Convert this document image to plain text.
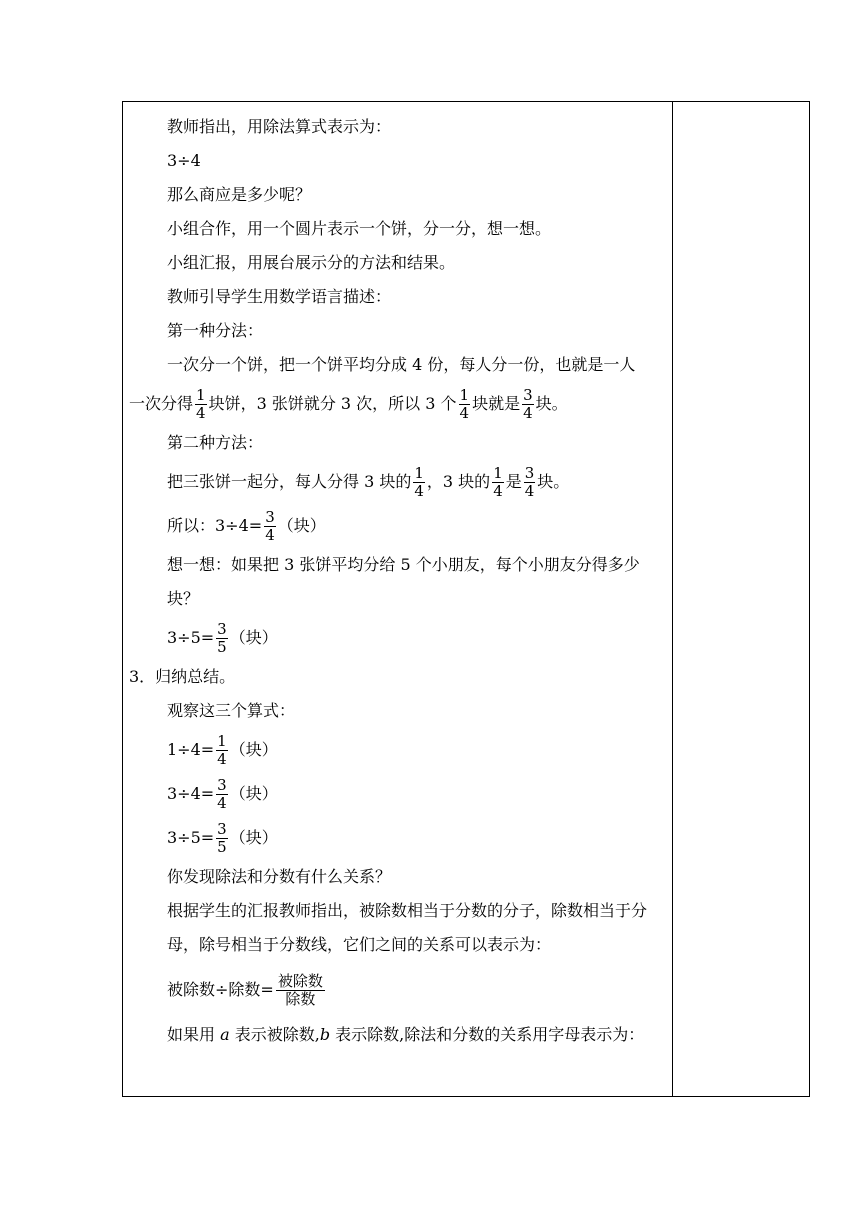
教师指出，用除法算式表示为：
3÷4
那么商应是多少呢？
小组合作，用一个圆片表示一个饼，分一分，想一想。
小组汇报，用展台展示分的方法和结果。
教师引导学生用数学语言描述：
第一种分法：
一次分一个饼，把一个饼平均分成 4 份，每人分一份，也就是一人
一次分得 $\frac{1}{4}$ 块饼，3 张饼就分 3 次，所以 3 个 $\frac{1}{4}$ 块就是 $\frac{3}{4}$ 块。
第二种方法：
把三张饼一起分，每人分得 3 块的 $\frac{1}{4}$ ，3 块的 $\frac{1}{4}$ 是 $\frac{3}{4}$ 块。
所以：$3\div 4= \frac{3}{4}$ （块）
想一想：如果把 3 张饼平均分给 5 个小朋友，每个小朋友分得多少块？
$3\div 5= \frac{3}{5}$ （块）
3．归纳总结。
观察这三个算式：
$1\div 4= \frac{1}{4}$ （块）
$3\div 4= \frac{3}{4}$ （块）
$3\div 5= \frac{3}{5}$ （块）
你发现除法和分数有什么关系？
根据学生的汇报教师指出，被除数相当于分数的分子，除数相当于分母，除号相当于分数线，它们之间的关系可以表示为：
被除数÷除数= $\frac{\text{被除数}}{\text{除数}}$
如果用 a 表示被除数,b 表示除数,除法和分数的关系用字母表示为：
